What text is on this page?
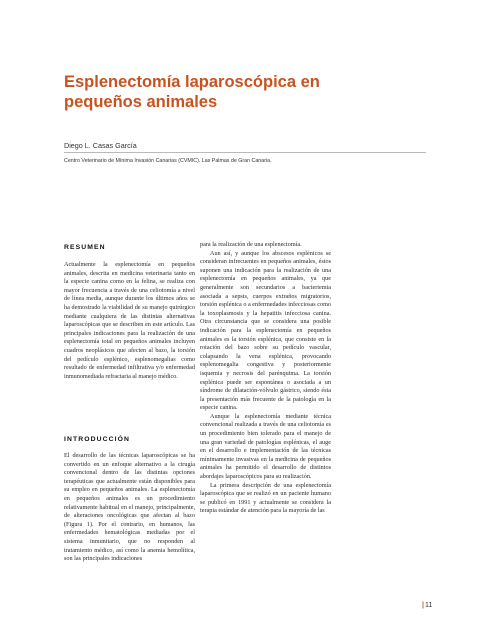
Esplenectomía laparoscópica en pequeños animales
Diego L. Casas García
Centro Veterinario de Mínima Invasión Canarias (CVMIC). Las Palmas de Gran Canaria.
RESUMEN

Actualmente la esplenectomía en pequeños animales, descrita en medicina veterinaria tanto en la especie canina como en la felina, se realiza con mayor frecuencia a través de una celiotomía a nivel de línea media, aunque durante los últimos años se ha demostrado la viabilidad de su manejo quirúrgico mediante cualquiera de las distintas alternativas laparoscópicas que se describen en este artículo. Las principales indicaciones para la realización de una esplenectomía total en pequeños animales incluyen cuadros neoplásicos que afecten al bazo, la torsión del pedículo esplénico, esplenomegalias como resultado de enfermedad infiltrativa y/o enfermedad inmunomediada refractaria al manejo médico.

INTRODUCCIÓN

El desarrollo de las técnicas laparoscópicas se ha convertido en un enfoque alternativo a la cirugía convencional dentro de las distintas opciones terapéuticas que actualmente están disponibles para su empleo en pequeños animales. La esplenectomía en pequeños animales es un procedimiento relativamente habitual en el manejo, principalmente, de alteraciones oncológicas que afectan al bazo (Figura 1). Por el contrario, en humanos, las enfermedades hematológicas mediadas por el sistema inmunitario, que no responden al tratamiento médico, así como la anemia hemolítica, son las principales indicaciones

para la realización de una esplenectomía.

Aun así, y aunque los abscesos esplénicos se consideran infrecuentes en pequeños animales, éstos suponen una indicación para la realización de una esplenectomía en pequeños animales, ya que generalmente son secundarios a bacteriemia asociada a sepsis, cuerpos extraños migratorios, torsión esplénica o a enfermedades infecciosas como la toxoplasmosis y la hepatitis infecciosa canina. Otra circunstancia que se considera una posible indicación para la esplenectomía en pequeños animales es la torsión esplénica, que consiste en la rotación del bazo sobre su pedículo vascular, colapsando la vena esplénica, provocando esplenomegalia congestiva y posteriormente isquemia y necrosis del parénquima. La torsión esplénica puede ser espontánea o asociada a un síndrome de dilatación-vólvulo gástrico, siendo ésta la presentación más frecuente de la patología en la especie canina.

Aunque la esplenectomía mediante técnica convencional realizada a través de una celiotomía es un procedimiento bien tolerado para el manejo de una gran variedad de patologías esplénicas, el auge en el desarrollo e implementación de las técnicas mínimamente invasivas en la medicina de pequeños animales ha permitido el desarrollo de distintos abordajes laparoscópicos para su realización.

La primera descripción de una esplenectomía laparoscópica que se realizó en un paciente humano se publicó en 1991 y actualmente se considera la terapia estándar de atención para la mayoría de las

|11
